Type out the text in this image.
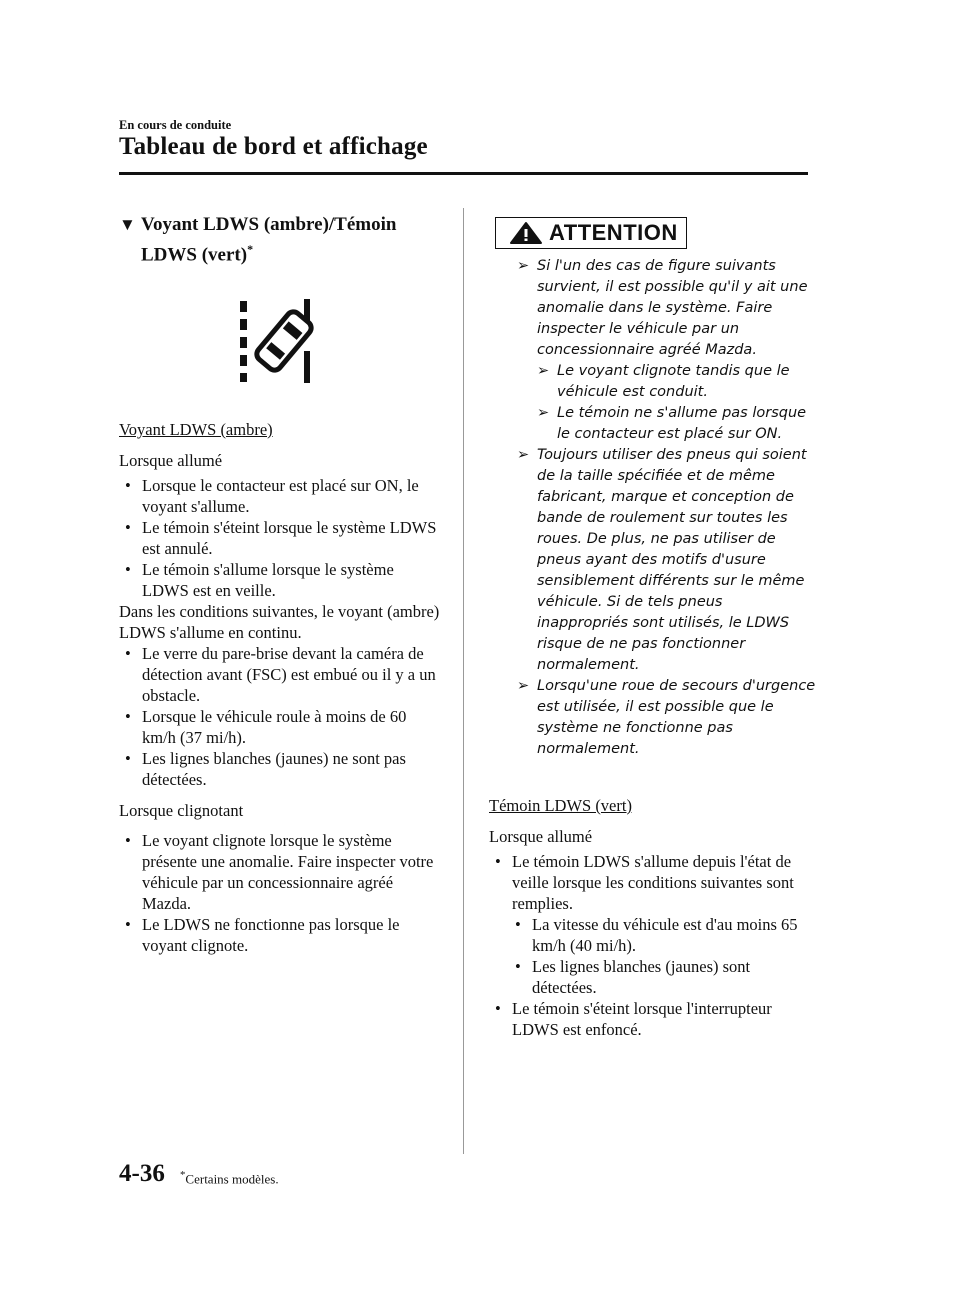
En cours de conduite
Tableau de bord et affichage
▼ Voyant LDWS (ambre)/Témoin
LDWS (vert)*

Voyant LDWS (ambre)

Lorsque allumé

• Lorsque le contacteur est placé sur ON, le voyant s'allume.

• Le témoin s'éteint lorsque le système LDWS est annulé.

• Le témoin s'allume lorsque le système LDWS est en veille.

Dans les conditions suivantes, le voyant (ambre) LDWS s'allume en continu.

• Le verre du pare-brise devant la caméra de détection avant (FSC) est embué ou il y a un obstacle.

• Lorsque le véhicule roule à moins de 60 km/h (37 mi/h).

• Les lignes blanches (jaunes) ne sont pas détectées.

Lorsque clignotant

• Le voyant clignote lorsque le système présente une anomalie. Faire inspecter votre véhicule par un concessionnaire agréé Mazda.

• Le LDWS ne fonctionne pas lorsque le voyant clignote.

ATTENTION

➢ Si l'un des cas de figure suivants survient, il est possible qu'il y ait une anomalie dans le système. Faire inspecter le véhicule par un concessionnaire agréé Mazda.

➢ Le voyant clignote tandis que le véhicule est conduit.

➢ Le témoin ne s'allume pas lorsque le contacteur est placé sur ON.

➢ Toujours utiliser des pneus qui soient de la taille spécifiée et de même fabricant, marque et conception de bande de roulement sur toutes les roues. De plus, ne pas utiliser de pneus ayant des motifs d'usure sensiblement différents sur le même véhicule. Si de tels pneus inappropriés sont utilisés, le LDWS risque de ne pas fonctionner normalement.

➢ Lorsqu'une roue de secours d'urgence est utilisée, il est possible que le système ne fonctionne pas normalement.

Témoin LDWS (vert)

Lorsque allumé

• Le témoin LDWS s'allume depuis l'état de veille lorsque les conditions suivantes sont remplies.

• La vitesse du véhicule est d'au moins 65 km/h (40 mi/h).

• Les lignes blanches (jaunes) sont détectées.

• Le témoin s'éteint lorsque l'interrupteur LDWS est enfoncé.

4-36 *Certains modèles.
